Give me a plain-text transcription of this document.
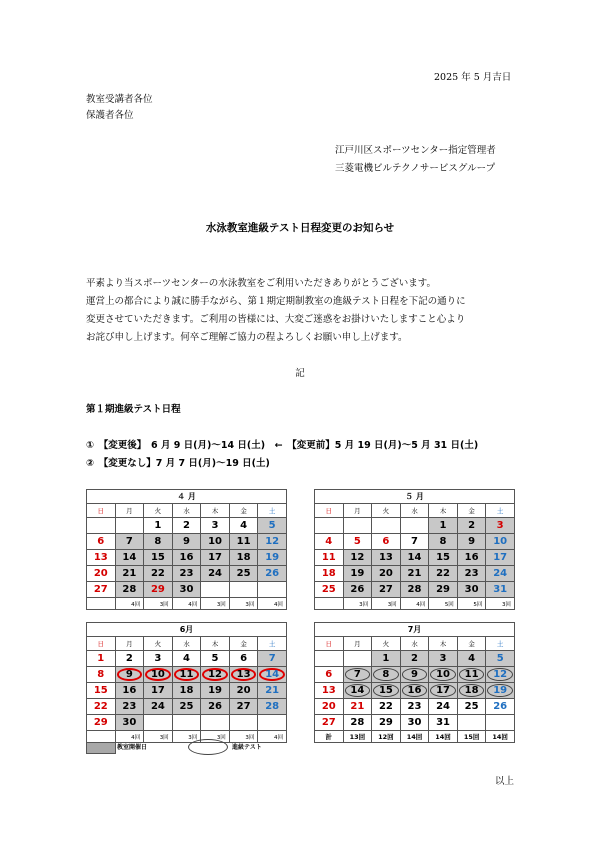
2025 年 5 月吉日
教室受講者各位
保護者各位
江戸川区スポーツセンター指定管理者
三菱電機ビルテクノサービスグループ
水泳教室進級テスト日程変更のお知らせ
平素より当スポーツセンターの水泳教室をご利用いただきありがとうございます。
運営上の都合により誠に勝手ながら、第１期定期制教室の進級テスト日程を下記の通りに
変更させていただきます。ご利用の皆様には、大変ご迷惑をお掛けいたしますこと心より
お詫び申し上げます。何卒ご理解ご協力の程よろしくお願い申し上げます。
記
第１期進級テスト日程
①　【変更後】　6 月 9 日(月)～14 日(土)　←　【変更前】5 月 19 日(月)～5 月 31 日(土)
②　【変更なし】7 月 7 日(月)～19 日(土)
４ 月						
日	月	火	水	木	金	土
		1	2	3	4	5
6	7	8	9	10	11	12
13	14	15	16	17	18	19
20	21	22	23	24	25	26
27	28	29	30			
	4回	3回	4回	3回	3回	4回
５ 月						
日	月	火	水	木	金	土
				1	2	3
4	5	6	7	8	9	10
11	12	13	14	15	16	17
18	19	20	21	22	23	24
25	26	27	28	29	30	31
	3回	3回	4回	5回	5回	3回
6月						
日	月	火	水	木	金	土
1	2	3	4	5	6	7
8	9	10	11	12	13	14

15	16	17	18	19	20	21
22	23	24	25	26	27	28
29	30					
	4回	3回	3回	3回	3回	4回
7月						
日	月	火	水	木	金	土
		1	2	3	4	5
6	7	8	9	10	11	12

13	14	15	16	17	18	19

20	21	22	23	24	25	26
27	28	29	30	31		
計	13回	12回	14回	14回	15回	14回
教室開催日	進級テスト
以上
